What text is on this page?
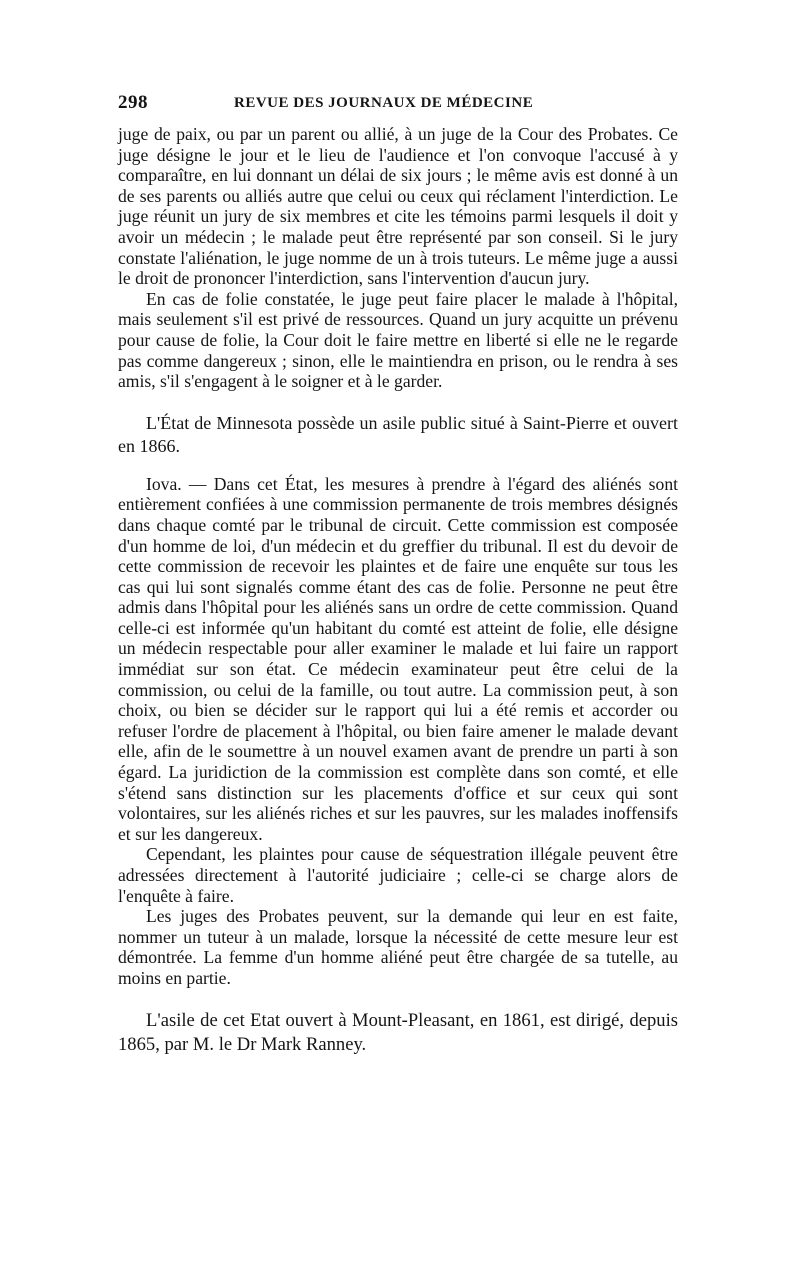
298	REVUE DES JOURNAUX DE MÉDECINE

juge de paix, ou par un parent ou allié, à un juge de la Cour des Probates. Ce juge désigne le jour et le lieu de l'audience et l'on convoque l'accusé à y comparaître, en lui donnant un délai de six jours ; le même avis est donné à un de ses parents ou alliés autre que celui ou ceux qui réclament l'interdiction. Le juge réunit un jury de six membres et cite les témoins parmi lesquels il doit y avoir un médecin ; le malade peut être représenté par son conseil. Si le jury constate l'aliénation, le juge nomme de un à trois tuteurs. Le même juge a aussi le droit de prononcer l'interdiction, sans l'intervention d'aucun jury.

En cas de folie constatée, le juge peut faire placer le malade à l'hôpital, mais seulement s'il est privé de ressources. Quand un jury acquitte un prévenu pour cause de folie, la Cour doit le faire mettre en liberté si elle ne le regarde pas comme dangereux ; sinon, elle le maintiendra en prison, ou le rendra à ses amis, s'il s'engagent à le soigner et à le garder.

L'État de Minnesota possède un asile public situé à Saint-Pierre et ouvert en 1866.

Iova. — Dans cet État, les mesures à prendre à l'égard des aliénés sont entièrement confiées à une commission permanente de trois membres désignés dans chaque comté par le tribunal de circuit. Cette commission est composée d'un homme de loi, d'un médecin et du greffier du tribunal. Il est du devoir de cette commission de recevoir les plaintes et de faire une enquête sur tous les cas qui lui sont signalés comme étant des cas de folie. Personne ne peut être admis dans l'hôpital pour les aliénés sans un ordre de cette commission. Quand celle-ci est informée qu'un habitant du comté est atteint de folie, elle désigne un médecin respectable pour aller examiner le malade et lui faire un rapport immédiat sur son état. Ce médecin examinateur peut être celui de la commission, ou celui de la famille, ou tout autre. La commission peut, à son choix, ou bien se décider sur le rapport qui lui a été remis et accorder ou refuser l'ordre de placement à l'hôpital, ou bien faire amener le malade devant elle, afin de le soumettre à un nouvel examen avant de prendre un parti à son égard. La juridiction de la commission est complète dans son comté, et elle s'étend sans distinction sur les placements d'office et sur ceux qui sont volontaires, sur les aliénés riches et sur les pauvres, sur les malades inoffensifs et sur les dangereux.

Cependant, les plaintes pour cause de séquestration illégale peuvent être adressées directement à l'autorité judiciaire ; celle-ci se charge alors de l'enquête à faire.

Les juges des Probates peuvent, sur la demande qui leur en est faite, nommer un tuteur à un malade, lorsque la nécessité de cette mesure leur est démontrée. La femme d'un homme aliéné peut être chargée de sa tutelle, au moins en partie.

L'asile de cet Etat ouvert à Mount-Pleasant, en 1861, est dirigé, depuis 1865, par M. le Dr Mark Ranney.
